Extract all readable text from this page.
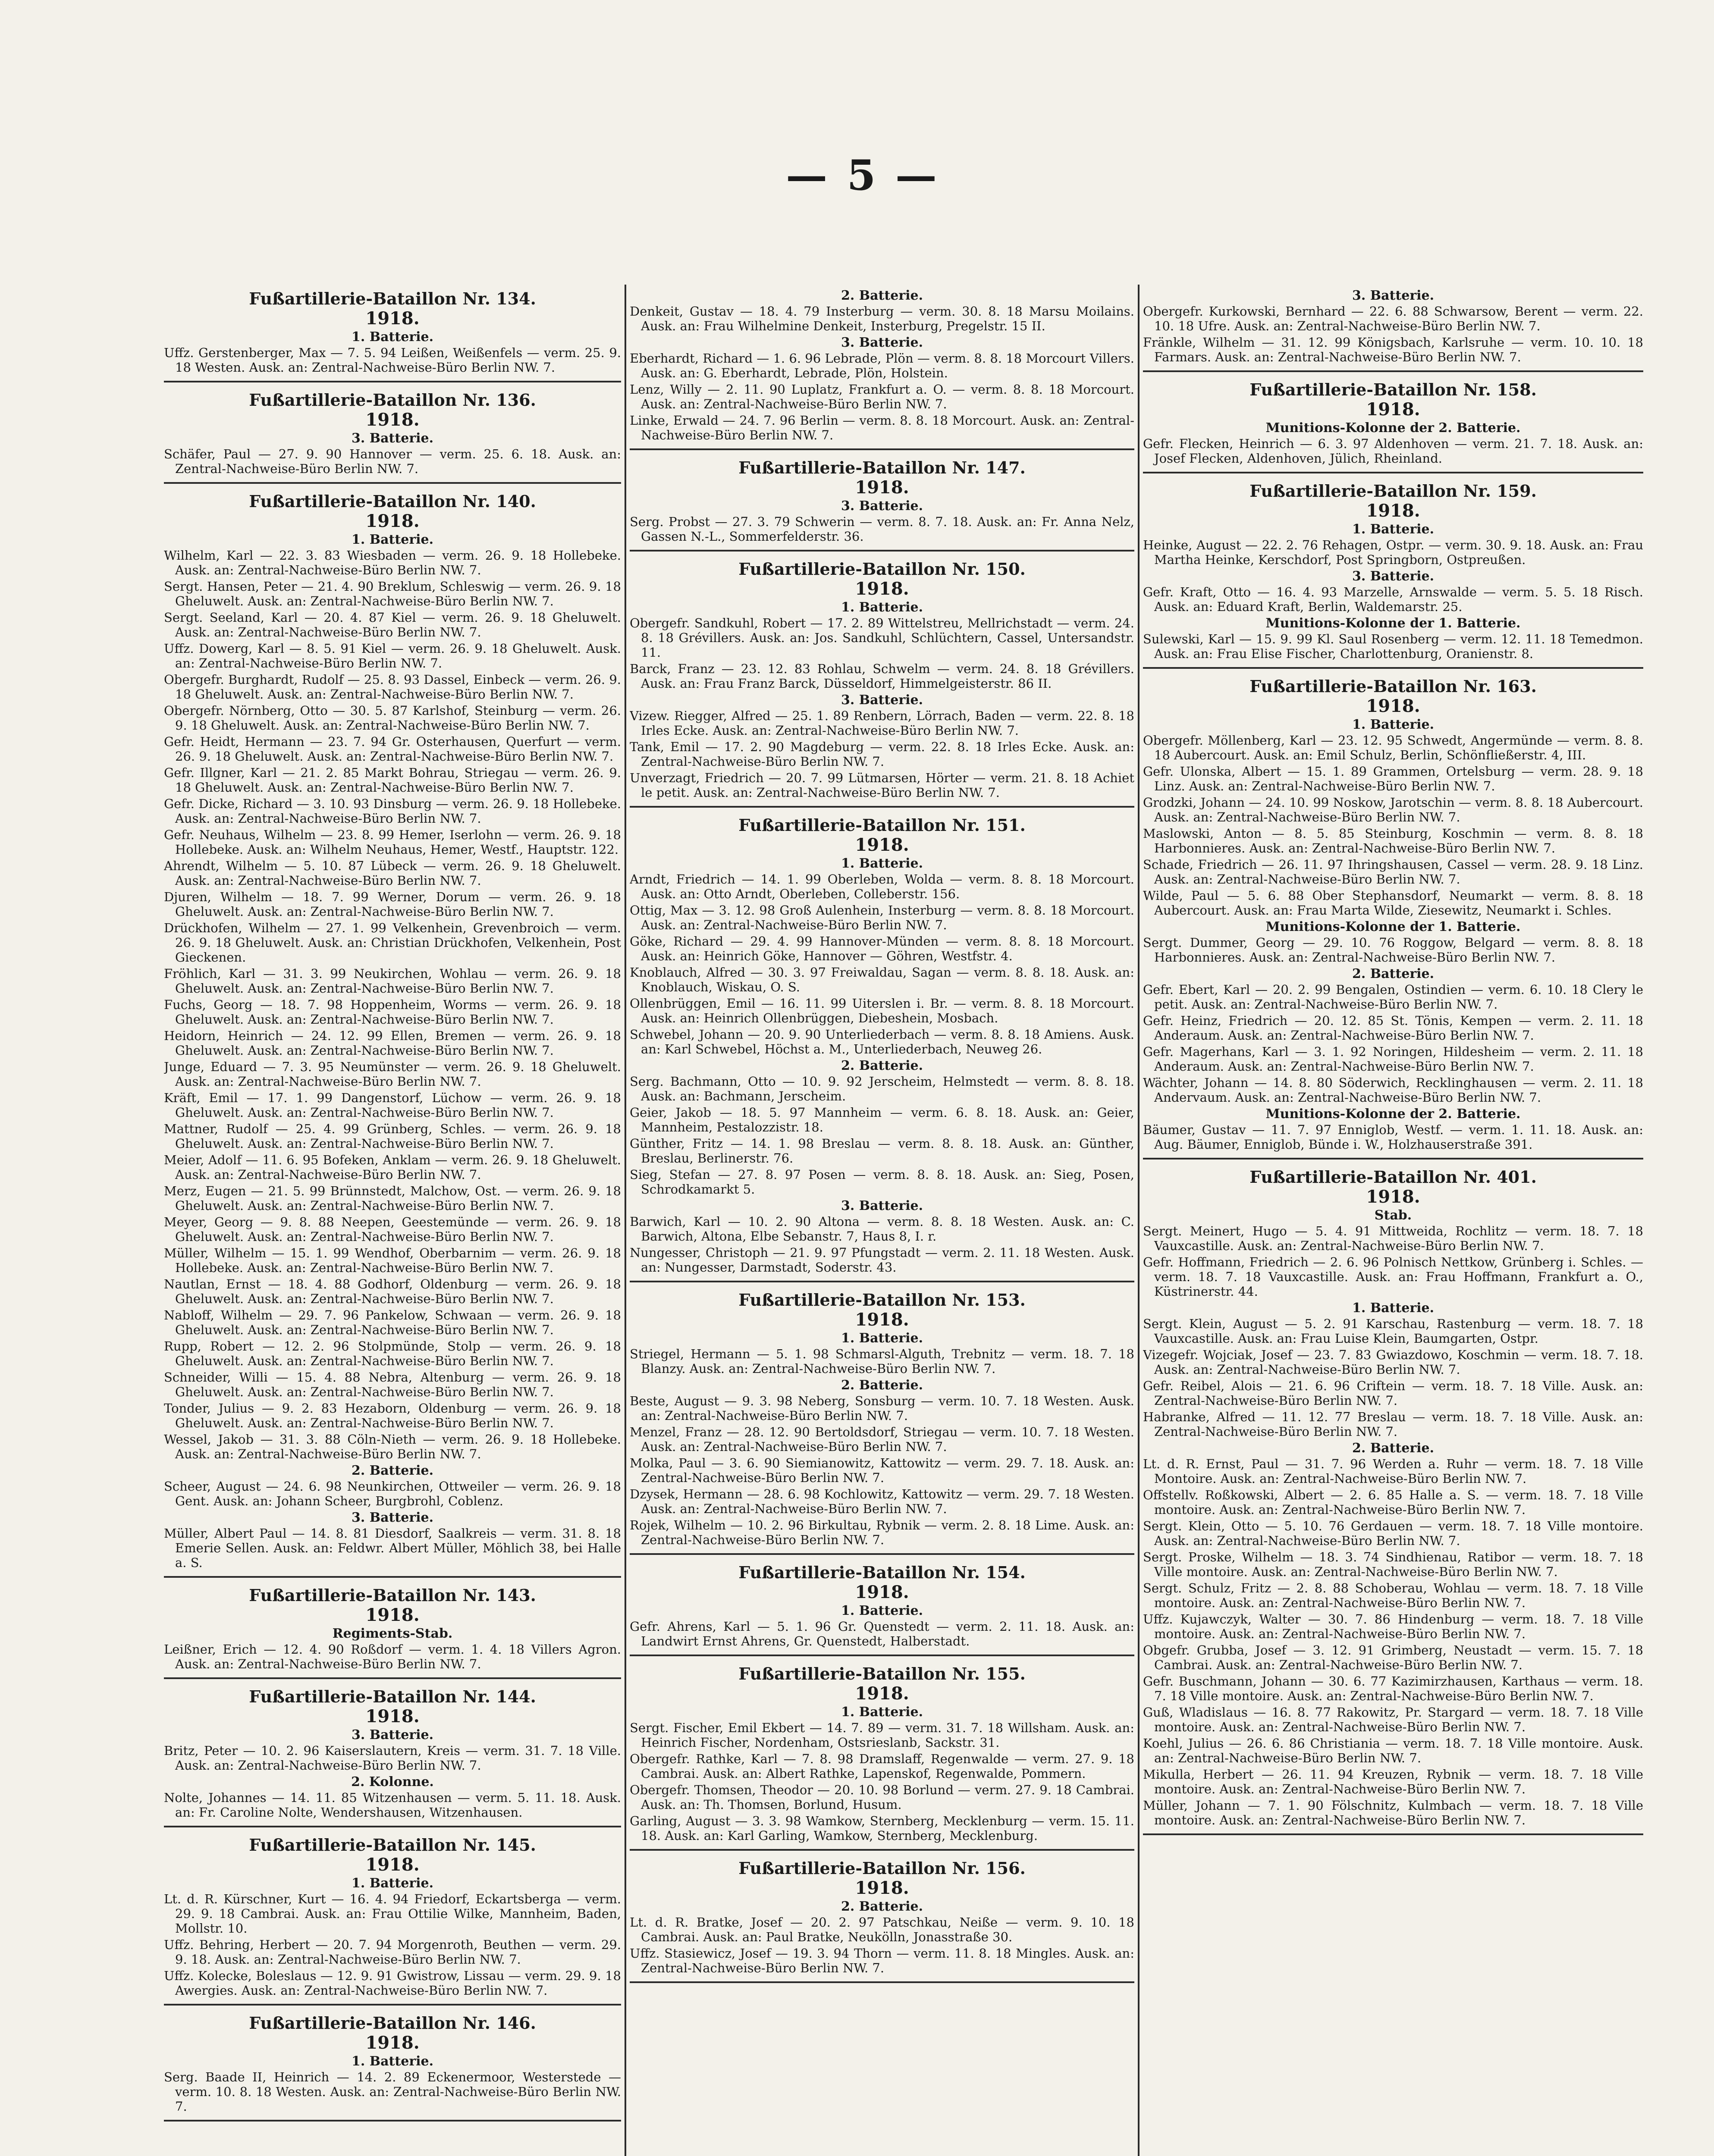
— 5 —
Fußartillerie-Bataillon Nr. 134.
1918.
1. Batterie.

Uffz. Gerstenberger, Max — 7. 5. 94 Leißen, Weißenfels — verm. 25. 9. 18 Westen. Ausk. an: Zentral-Nachweise-Büro Berlin NW. 7.

Fußartillerie-Bataillon Nr. 136.
1918.
3. Batterie.

Schäfer, Paul — 27. 9. 90 Hannover — verm. 25. 6. 18. Ausk. an: Zentral-Nachweise-Büro Berlin NW. 7.

Fußartillerie-Bataillon Nr. 140.
1918.
1. Batterie.

Wilhelm, Karl — 22. 3. 83 Wiesbaden — verm. 26. 9. 18 Hollebeke. Ausk. an: Zentral-Nachweise-Büro Berlin NW. 7.

Sergt. Hansen, Peter — 21. 4. 90 Breklum, Schleswig — verm. 26. 9. 18 Gheluwelt. Ausk. an: Zentral-Nachweise-Büro Berlin NW. 7.

Sergt. Seeland, Karl — 20. 4. 87 Kiel — verm. 26. 9. 18 Gheluwelt. Ausk. an: Zentral-Nachweise-Büro Berlin NW. 7.

Uffz. Dowerg, Karl — 8. 5. 91 Kiel — verm. 26. 9. 18 Gheluwelt. Ausk. an: Zentral-Nachweise-Büro Berlin NW. 7.

Obergefr. Burghardt, Rudolf — 25. 8. 93 Dassel, Einbeck — verm. 26. 9. 18 Gheluwelt. Ausk. an: Zentral-Nachweise-Büro Berlin NW. 7.

Obergefr. Nörnberg, Otto — 30. 5. 87 Karlshof, Steinburg — verm. 26. 9. 18 Gheluwelt. Ausk. an: Zentral-Nachweise-Büro Berlin NW. 7.

Gefr. Heidt, Hermann — 23. 7. 94 Gr. Osterhausen, Querfurt — verm. 26. 9. 18 Gheluwelt. Ausk. an: Zentral-Nachweise-Büro Berlin NW. 7.

Gefr. Illgner, Karl — 21. 2. 85 Markt Bohrau, Striegau — verm. 26. 9. 18 Gheluwelt. Ausk. an: Zentral-Nachweise-Büro Berlin NW. 7.

Gefr. Dicke, Richard — 3. 10. 93 Dinsburg — verm. 26. 9. 18 Hollebeke. Ausk. an: Zentral-Nachweise-Büro Berlin NW. 7.

Gefr. Neuhaus, Wilhelm — 23. 8. 99 Hemer, Iserlohn — verm. 26. 9. 18 Hollebeke. Ausk. an: Wilhelm Neuhaus, Hemer, Westf., Hauptstr. 122.

Ahrendt, Wilhelm — 5. 10. 87 Lübeck — verm. 26. 9. 18 Gheluwelt. Ausk. an: Zentral-Nachweise-Büro Berlin NW. 7.

Djuren, Wilhelm — 18. 7. 99 Werner, Dorum — verm. 26. 9. 18 Gheluwelt. Ausk. an: Zentral-Nachweise-Büro Berlin NW. 7.

Drückhofen, Wilhelm — 27. 1. 99 Velkenhein, Grevenbroich — verm. 26. 9. 18 Gheluwelt. Ausk. an: Christian Drückhofen, Velkenhein, Post Gieckenen.

Fröhlich, Karl — 31. 3. 99 Neukirchen, Wohlau — verm. 26. 9. 18 Gheluwelt. Ausk. an: Zentral-Nachweise-Büro Berlin NW. 7.

Fuchs, Georg — 18. 7. 98 Hoppenheim, Worms — verm. 26. 9. 18 Gheluwelt. Ausk. an: Zentral-Nachweise-Büro Berlin NW. 7.

Heidorn, Heinrich — 24. 12. 99 Ellen, Bremen — verm. 26. 9. 18 Gheluwelt. Ausk. an: Zentral-Nachweise-Büro Berlin NW. 7.

Junge, Eduard — 7. 3. 95 Neumünster — verm. 26. 9. 18 Gheluwelt. Ausk. an: Zentral-Nachweise-Büro Berlin NW. 7.

Kräft, Emil — 17. 1. 99 Dangenstorf, Lüchow — verm. 26. 9. 18 Gheluwelt. Ausk. an: Zentral-Nachweise-Büro Berlin NW. 7.

Mattner, Rudolf — 25. 4. 99 Grünberg, Schles. — verm. 26. 9. 18 Gheluwelt. Ausk. an: Zentral-Nachweise-Büro Berlin NW. 7.

Meier, Adolf — 11. 6. 95 Bofeken, Anklam — verm. 26. 9. 18 Gheluwelt. Ausk. an: Zentral-Nachweise-Büro Berlin NW. 7.

Merz, Eugen — 21. 5. 99 Brünnstedt, Malchow, Ost. — verm. 26. 9. 18 Gheluwelt. Ausk. an: Zentral-Nachweise-Büro Berlin NW. 7.

Meyer, Georg — 9. 8. 88 Neepen, Geestemünde — verm. 26. 9. 18 Gheluwelt. Ausk. an: Zentral-Nachweise-Büro Berlin NW. 7.

Müller, Wilhelm — 15. 1. 99 Wendhof, Oberbarnim — verm. 26. 9. 18 Hollebeke. Ausk. an: Zentral-Nachweise-Büro Berlin NW. 7.

Nautlan, Ernst — 18. 4. 88 Godhorf, Oldenburg — verm. 26. 9. 18 Gheluwelt. Ausk. an: Zentral-Nachweise-Büro Berlin NW. 7.

Nabloff, Wilhelm — 29. 7. 96 Pankelow, Schwaan — verm. 26. 9. 18 Gheluwelt. Ausk. an: Zentral-Nachweise-Büro Berlin NW. 7.

Rupp, Robert — 12. 2. 96 Stolpmünde, Stolp — verm. 26. 9. 18 Gheluwelt. Ausk. an: Zentral-Nachweise-Büro Berlin NW. 7.

Schneider, Willi — 15. 4. 88 Nebra, Altenburg — verm. 26. 9. 18 Gheluwelt. Ausk. an: Zentral-Nachweise-Büro Berlin NW. 7.

Tonder, Julius — 9. 2. 83 Hezaborn, Oldenburg — verm. 26. 9. 18 Gheluwelt. Ausk. an: Zentral-Nachweise-Büro Berlin NW. 7.

Wessel, Jakob — 31. 3. 88 Cöln-Nieth — verm. 26. 9. 18 Hollebeke. Ausk. an: Zentral-Nachweise-Büro Berlin NW. 7.

2. Batterie.

Scheer, August — 24. 6. 98 Neunkirchen, Ottweiler — verm. 26. 9. 18 Gent. Ausk. an: Johann Scheer, Burgbrohl, Coblenz.

3. Batterie.

Müller, Albert Paul — 14. 8. 81 Diesdorf, Saalkreis — verm. 31. 8. 18 Emerie Sellen. Ausk. an: Feldwr. Albert Müller, Möhlich 38, bei Halle a. S.

Fußartillerie-Bataillon Nr. 143.
1918.
Regiments-Stab.

Leißner, Erich — 12. 4. 90 Roßdorf — verm. 1. 4. 18 Villers Agron. Ausk. an: Zentral-Nachweise-Büro Berlin NW. 7.

Fußartillerie-Bataillon Nr. 144.
1918.
3. Batterie.

Britz, Peter — 10. 2. 96 Kaiserslautern, Kreis — verm. 31. 7. 18 Ville. Ausk. an: Zentral-Nachweise-Büro Berlin NW. 7.

2. Kolonne.

Nolte, Johannes — 14. 11. 85 Witzenhausen — verm. 5. 11. 18. Ausk. an: Fr. Caroline Nolte, Wendershausen, Witzenhausen.

Fußartillerie-Bataillon Nr. 145.
1918.
1. Batterie.

Lt. d. R. Kürschner, Kurt — 16. 4. 94 Friedorf, Eckartsberga — verm. 29. 9. 18 Cambrai. Ausk. an: Frau Ottilie Wilke, Mannheim, Baden, Mollstr. 10.

Uffz. Behring, Herbert — 20. 7. 94 Morgenroth, Beuthen — verm. 29. 9. 18. Ausk. an: Zentral-Nachweise-Büro Berlin NW. 7.

Uffz. Kolecke, Boleslaus — 12. 9. 91 Gwistrow, Lissau — verm. 29. 9. 18 Awergies. Ausk. an: Zentral-Nachweise-Büro Berlin NW. 7.

Fußartillerie-Bataillon Nr. 146.
1918.
1. Batterie.

Serg. Baade II, Heinrich — 14. 2. 89 Eckenermoor, Westerstede — verm. 10. 8. 18 Westen. Ausk. an: Zentral-Nachweise-Büro Berlin NW. 7.

2. Batterie.

Denkeit, Gustav — 18. 4. 79 Insterburg — verm. 30. 8. 18 Marsu Moilains. Ausk. an: Frau Wilhelmine Denkeit, Insterburg, Pregelstr. 15 II.

3. Batterie.

Eberhardt, Richard — 1. 6. 96 Lebrade, Plön — verm. 8. 8. 18 Morcourt Villers. Ausk. an: G. Eberhardt, Lebrade, Plön, Holstein.

Lenz, Willy — 2. 11. 90 Luplatz, Frankfurt a. O. — verm. 8. 8. 18 Morcourt. Ausk. an: Zentral-Nachweise-Büro Berlin NW. 7.

Linke, Erwald — 24. 7. 96 Berlin — verm. 8. 8. 18 Morcourt. Ausk. an: Zentral-Nachweise-Büro Berlin NW. 7.

Fußartillerie-Bataillon Nr. 147.
1918.
3. Batterie.

Serg. Probst — 27. 3. 79 Schwerin — verm. 8. 7. 18. Ausk. an: Fr. Anna Nelz, Gassen N.-L., Sommerfelderstr. 36.

Fußartillerie-Bataillon Nr. 150.
1918.
1. Batterie.

Obergefr. Sandkuhl, Robert — 17. 2. 89 Wittelstreu, Mellrichstadt — verm. 24. 8. 18 Grévillers. Ausk. an: Jos. Sandkuhl, Schlüchtern, Cassel, Untersandstr. 11.

Barck, Franz — 23. 12. 83 Rohlau, Schwelm — verm. 24. 8. 18 Grévillers. Ausk. an: Frau Franz Barck, Düsseldorf, Himmelgeisterstr. 86 II.

3. Batterie.

Vizew. Riegger, Alfred — 25. 1. 89 Renbern, Lörrach, Baden — verm. 22. 8. 18 Irles Ecke. Ausk. an: Zentral-Nachweise-Büro Berlin NW. 7.

Tank, Emil — 17. 2. 90 Magdeburg — verm. 22. 8. 18 Irles Ecke. Ausk. an: Zentral-Nachweise-Büro Berlin NW. 7.

Unverzagt, Friedrich — 20. 7. 99 Lütmarsen, Hörter — verm. 21. 8. 18 Achiet le petit. Ausk. an: Zentral-Nachweise-Büro Berlin NW. 7.

Fußartillerie-Bataillon Nr. 151.
1918.
1. Batterie.

Arndt, Friedrich — 14. 1. 99 Oberleben, Wolda — verm. 8. 8. 18 Morcourt. Ausk. an: Otto Arndt, Oberleben, Colleberstr. 156.

Ottig, Max — 3. 12. 98 Groß Aulenhein, Insterburg — verm. 8. 8. 18 Morcourt. Ausk. an: Zentral-Nachweise-Büro Berlin NW. 7.

Göke, Richard — 29. 4. 99 Hannover-Münden — verm. 8. 8. 18 Morcourt. Ausk. an: Heinrich Göke, Hannover — Göhren, Westfstr. 4.

Knoblauch, Alfred — 30. 3. 97 Freiwaldau, Sagan — verm. 8. 8. 18. Ausk. an: Knoblauch, Wiskau, O. S.

Ollenbrüggen, Emil — 16. 11. 99 Uiterslen i. Br. — verm. 8. 8. 18 Morcourt. Ausk. an: Heinrich Ollenbrüggen, Diebeshein, Mosbach.

Schwebel, Johann — 20. 9. 90 Unterliederbach — verm. 8. 8. 18 Amiens. Ausk. an: Karl Schwebel, Höchst a. M., Unterliederbach, Neuweg 26.

2. Batterie.

Serg. Bachmann, Otto — 10. 9. 92 Jerscheim, Helmstedt — verm. 8. 8. 18. Ausk. an: Bachmann, Jerscheim.

Geier, Jakob — 18. 5. 97 Mannheim — verm. 6. 8. 18. Ausk. an: Geier, Mannheim, Pestalozzistr. 18.

Günther, Fritz — 14. 1. 98 Breslau — verm. 8. 8. 18. Ausk. an: Günther, Breslau, Berlinerstr. 76.

Sieg, Stefan — 27. 8. 97 Posen — verm. 8. 8. 18. Ausk. an: Sieg, Posen, Schrodkamarkt 5.

3. Batterie.

Barwich, Karl — 10. 2. 90 Altona — verm. 8. 8. 18 Westen. Ausk. an: C. Barwich, Altona, Elbe Sebanstr. 7, Haus 8, I. r.

Nungesser, Christoph — 21. 9. 97 Pfungstadt — verm. 2. 11. 18 Westen. Ausk. an: Nungesser, Darmstadt, Soderstr. 43.

Fußartillerie-Bataillon Nr. 153.
1918.
1. Batterie.

Striegel, Hermann — 5. 1. 98 Schmarsl-Alguth, Trebnitz — verm. 18. 7. 18 Blanzy. Ausk. an: Zentral-Nachweise-Büro Berlin NW. 7.

2. Batterie.

Beste, August — 9. 3. 98 Neberg, Sonsburg — verm. 10. 7. 18 Westen. Ausk. an: Zentral-Nachweise-Büro Berlin NW. 7.

Menzel, Franz — 28. 12. 90 Bertoldsdorf, Striegau — verm. 10. 7. 18 Westen. Ausk. an: Zentral-Nachweise-Büro Berlin NW. 7.

Molka, Paul — 3. 6. 90 Siemianowitz, Kattowitz — verm. 29. 7. 18. Ausk. an: Zentral-Nachweise-Büro Berlin NW. 7.

Dzysek, Hermann — 28. 6. 98 Kochlowitz, Kattowitz — verm. 29. 7. 18 Westen. Ausk. an: Zentral-Nachweise-Büro Berlin NW. 7.

Rojek, Wilhelm — 10. 2. 96 Birkultau, Rybnik — verm. 2. 8. 18 Lime. Ausk. an: Zentral-Nachweise-Büro Berlin NW. 7.

Fußartillerie-Bataillon Nr. 154.
1918.
1. Batterie.

Gefr. Ahrens, Karl — 5. 1. 96 Gr. Quenstedt — verm. 2. 11. 18. Ausk. an: Landwirt Ernst Ahrens, Gr. Quenstedt, Halberstadt.

Fußartillerie-Bataillon Nr. 155.
1918.
1. Batterie.

Sergt. Fischer, Emil Ekbert — 14. 7. 89 — verm. 31. 7. 18 Willsham. Ausk. an: Heinrich Fischer, Nordenham, Ostsrieslanb, Sackstr. 31.

Obergefr. Rathke, Karl — 7. 8. 98 Dramslaff, Regenwalde — verm. 27. 9. 18 Cambrai. Ausk. an: Albert Rathke, Lapenskof, Regenwalde, Pommern.

Obergefr. Thomsen, Theodor — 20. 10. 98 Borlund — verm. 27. 9. 18 Cambrai. Ausk. an: Th. Thomsen, Borlund, Husum.

Garling, August — 3. 3. 98 Wamkow, Sternberg, Mecklenburg — verm. 15. 11. 18. Ausk. an: Karl Garling, Wamkow, Sternberg, Mecklenburg.

Fußartillerie-Bataillon Nr. 156.
1918.
2. Batterie.

Lt. d. R. Bratke, Josef — 20. 2. 97 Patschkau, Neiße — verm. 9. 10. 18 Cambrai. Ausk. an: Paul Bratke, Neukölln, Jonasstraße 30.

Uffz. Stasiewicz, Josef — 19. 3. 94 Thorn — verm. 11. 8. 18 Mingles. Ausk. an: Zentral-Nachweise-Büro Berlin NW. 7.

3. Batterie.

Obergefr. Kurkowski, Bernhard — 22. 6. 88 Schwarsow, Berent — verm. 22. 10. 18 Ufre. Ausk. an: Zentral-Nachweise-Büro Berlin NW. 7.

Fränkle, Wilhelm — 31. 12. 99 Königsbach, Karlsruhe — verm. 10. 10. 18 Farmars. Ausk. an: Zentral-Nachweise-Büro Berlin NW. 7.

Fußartillerie-Bataillon Nr. 158.
1918.
Munitions-Kolonne der 2. Batterie.

Gefr. Flecken, Heinrich — 6. 3. 97 Aldenhoven — verm. 21. 7. 18. Ausk. an: Josef Flecken, Aldenhoven, Jülich, Rheinland.

Fußartillerie-Bataillon Nr. 159.
1918.
1. Batterie.

Heinke, August — 22. 2. 76 Rehagen, Ostpr. — verm. 30. 9. 18. Ausk. an: Frau Martha Heinke, Kerschdorf, Post Springborn, Ostpreußen.

3. Batterie.

Gefr. Kraft, Otto — 16. 4. 93 Marzelle, Arnswalde — verm. 5. 5. 18 Risch. Ausk. an: Eduard Kraft, Berlin, Waldemarstr. 25.

Munitions-Kolonne der 1. Batterie.

Sulewski, Karl — 15. 9. 99 Kl. Saul Rosenberg — verm. 12. 11. 18 Temedmon. Ausk. an: Frau Elise Fischer, Charlottenburg, Oranienstr. 8.

Fußartillerie-Bataillon Nr. 163.
1918.
1. Batterie.

Obergefr. Möllenberg, Karl — 23. 12. 95 Schwedt, Angermünde — verm. 8. 8. 18 Aubercourt. Ausk. an: Emil Schulz, Berlin, Schönfließerstr. 4, III.

Gefr. Ulonska, Albert — 15. 1. 89 Grammen, Ortelsburg — verm. 28. 9. 18 Linz. Ausk. an: Zentral-Nachweise-Büro Berlin NW. 7.

Grodzki, Johann — 24. 10. 99 Noskow, Jarotschin — verm. 8. 8. 18 Aubercourt. Ausk. an: Zentral-Nachweise-Büro Berlin NW. 7.

Maslowski, Anton — 8. 5. 85 Steinburg, Koschmin — verm. 8. 8. 18 Harbonnieres. Ausk. an: Zentral-Nachweise-Büro Berlin NW. 7.

Schade, Friedrich — 26. 11. 97 Ihringshausen, Cassel — verm. 28. 9. 18 Linz. Ausk. an: Zentral-Nachweise-Büro Berlin NW. 7.

Wilde, Paul — 5. 6. 88 Ober Stephansdorf, Neumarkt — verm. 8. 8. 18 Aubercourt. Ausk. an: Frau Marta Wilde, Ziesewitz, Neumarkt i. Schles.

Munitions-Kolonne der 1. Batterie.

Sergt. Dummer, Georg — 29. 10. 76 Roggow, Belgard — verm. 8. 8. 18 Harbonnieres. Ausk. an: Zentral-Nachweise-Büro Berlin NW. 7.

2. Batterie.

Gefr. Ebert, Karl — 20. 2. 99 Bengalen, Ostindien — verm. 6. 10. 18 Clery le petit. Ausk. an: Zentral-Nachweise-Büro Berlin NW. 7.

Gefr. Heinz, Friedrich — 20. 12. 85 St. Tönis, Kempen — verm. 2. 11. 18 Anderaum. Ausk. an: Zentral-Nachweise-Büro Berlin NW. 7.

Gefr. Magerhans, Karl — 3. 1. 92 Noringen, Hildesheim — verm. 2. 11. 18 Anderaum. Ausk. an: Zentral-Nachweise-Büro Berlin NW. 7.

Wächter, Johann — 14. 8. 80 Söderwich, Recklinghausen — verm. 2. 11. 18 Andervaum. Ausk. an: Zentral-Nachweise-Büro Berlin NW. 7.

Munitions-Kolonne der 2. Batterie.

Bäumer, Gustav — 11. 7. 97 Enniglob, Westf. — verm. 1. 11. 18. Ausk. an: Aug. Bäumer, Enniglob, Bünde i. W., Holzhauserstraße 391.

Fußartillerie-Bataillon Nr. 401.
1918.
Stab.

Sergt. Meinert, Hugo — 5. 4. 91 Mittweida, Rochlitz — verm. 18. 7. 18 Vauxcastille. Ausk. an: Zentral-Nachweise-Büro Berlin NW. 7.

Gefr. Hoffmann, Friedrich — 2. 6. 96 Polnisch Nettkow, Grünberg i. Schles. — verm. 18. 7. 18 Vauxcastille. Ausk. an: Frau Hoffmann, Frankfurt a. O., Küstrinerstr. 44.

1. Batterie.

Sergt. Klein, August — 5. 2. 91 Karschau, Rastenburg — verm. 18. 7. 18 Vauxcastille. Ausk. an: Frau Luise Klein, Baumgarten, Ostpr.

Vizegefr. Wojciak, Josef — 23. 7. 83 Gwiazdowo, Koschmin — verm. 18. 7. 18. Ausk. an: Zentral-Nachweise-Büro Berlin NW. 7.

Gefr. Reibel, Alois — 21. 6. 96 Criftein — verm. 18. 7. 18 Ville. Ausk. an: Zentral-Nachweise-Büro Berlin NW. 7.

Habranke, Alfred — 11. 12. 77 Breslau — verm. 18. 7. 18 Ville. Ausk. an: Zentral-Nachweise-Büro Berlin NW. 7.

2. Batterie.

Lt. d. R. Ernst, Paul — 31. 7. 96 Werden a. Ruhr — verm. 18. 7. 18 Ville Montoire. Ausk. an: Zentral-Nachweise-Büro Berlin NW. 7.

Offstellv. Roßkowski, Albert — 2. 6. 85 Halle a. S. — verm. 18. 7. 18 Ville montoire. Ausk. an: Zentral-Nachweise-Büro Berlin NW. 7.

Sergt. Klein, Otto — 5. 10. 76 Gerdauen — verm. 18. 7. 18 Ville montoire. Ausk. an: Zentral-Nachweise-Büro Berlin NW. 7.

Sergt. Proske, Wilhelm — 18. 3. 74 Sindhienau, Ratibor — verm. 18. 7. 18 Ville montoire. Ausk. an: Zentral-Nachweise-Büro Berlin NW. 7.

Sergt. Schulz, Fritz — 2. 8. 88 Schoberau, Wohlau — verm. 18. 7. 18 Ville montoire. Ausk. an: Zentral-Nachweise-Büro Berlin NW. 7.

Uffz. Kujawczyk, Walter — 30. 7. 86 Hindenburg — verm. 18. 7. 18 Ville montoire. Ausk. an: Zentral-Nachweise-Büro Berlin NW. 7.

Obgefr. Grubba, Josef — 3. 12. 91 Grimberg, Neustadt — verm. 15. 7. 18 Cambrai. Ausk. an: Zentral-Nachweise-Büro Berlin NW. 7.

Gefr. Buschmann, Johann — 30. 6. 77 Kazimirzhausen, Karthaus — verm. 18. 7. 18 Ville montoire. Ausk. an: Zentral-Nachweise-Büro Berlin NW. 7.

Guß, Wladislaus — 16. 8. 77 Rakowitz, Pr. Stargard — verm. 18. 7. 18 Ville montoire. Ausk. an: Zentral-Nachweise-Büro Berlin NW. 7.

Koehl, Julius — 26. 6. 86 Christiania — verm. 18. 7. 18 Ville montoire. Ausk. an: Zentral-Nachweise-Büro Berlin NW. 7.

Mikulla, Herbert — 26. 11. 94 Kreuzen, Rybnik — verm. 18. 7. 18 Ville montoire. Ausk. an: Zentral-Nachweise-Büro Berlin NW. 7.

Müller, Johann — 7. 1. 90 Fölschnitz, Kulmbach — verm. 18. 7. 18 Ville montoire. Ausk. an: Zentral-Nachweise-Büro Berlin NW. 7.
